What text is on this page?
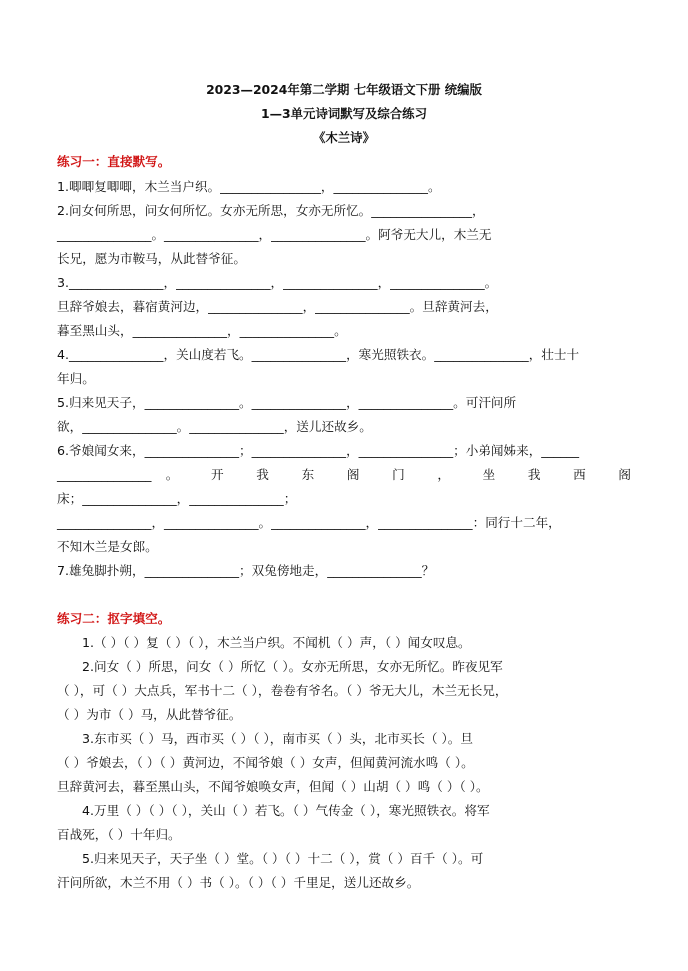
2023—2024年第二学期 七年级语文下册 统编版
1—3单元诗词默写及综合练习
《木兰诗》
练习一：直接默写。
1.唧唧复唧唧，木兰当户织。________________，_______________。
2.问女何所思，问女何所忆。女亦无所思，女亦无所忆。________________，
_______________。_______________，_______________。阿爷无大儿，木兰无
长兄，愿为市鞍马，从此替爷征。
3._______________，_______________，_______________，_______________。
旦辞爷娘去，暮宿黄河边，_______________，_______________。旦辞黄河去，
暮至黑山头，_______________，_______________。
4._______________，关山度若飞。_______________，寒光照铁衣。_______________，壮士十
年归。
5.归来见天子，_______________。_______________，_______________。可汗问所
欲，_______________。_______________，送儿还故乡。
6.爷娘闻女来，_______________；_______________，_______________；小弟闻姊来，______
_______________。 开 我 东 阁 门 ， 坐 我 西 阁
床；_______________，_______________；
_______________，_______________。_______________，_______________：同行十二年，
不知木兰是女郎。
7.雄兔脚扑朔，_______________；双兔傍地走，_______________？
练习二：抠字填空。
1.（ ）（ ）复（ ）（ ），木兰当户织。不闻机（ ）声，（ ）闻女叹息。
2.问女（ ）所思，问女（ ）所忆（ ）。女亦无所思，女亦无所忆。昨夜见军
（ ），可（ ）大点兵，军书十二（ ），卷卷有爷名。（ ）爷无大儿，木兰无长兄，
（ ）为市（ ）马，从此替爷征。
3.东市买（ ）马，西市买（ ）（ ），南市买（ ）头，北市买长（ ）。旦
（ ）爷娘去，（ ）（ ）黄河边，不闻爷娘（ ）女声，但闻黄河流水鸣（ ）。
旦辞黄河去，暮至黑山头，不闻爷娘唤女声，但闻（ ）山胡（ ）鸣（ ）（ ）。
4.万里（ ）（ ）（ ），关山（ ）若飞。（ ）气传金（ ），寒光照铁衣。将军
百战死，（ ）十年归。
5.归来见天子，天子坐（ ）堂。（ ）（ ）十二（ ），赏（ ）百千（ ）。可
汗问所欲，木兰不用（ ）书（ ）。（ ）（ ）千里足，送儿还故乡。
